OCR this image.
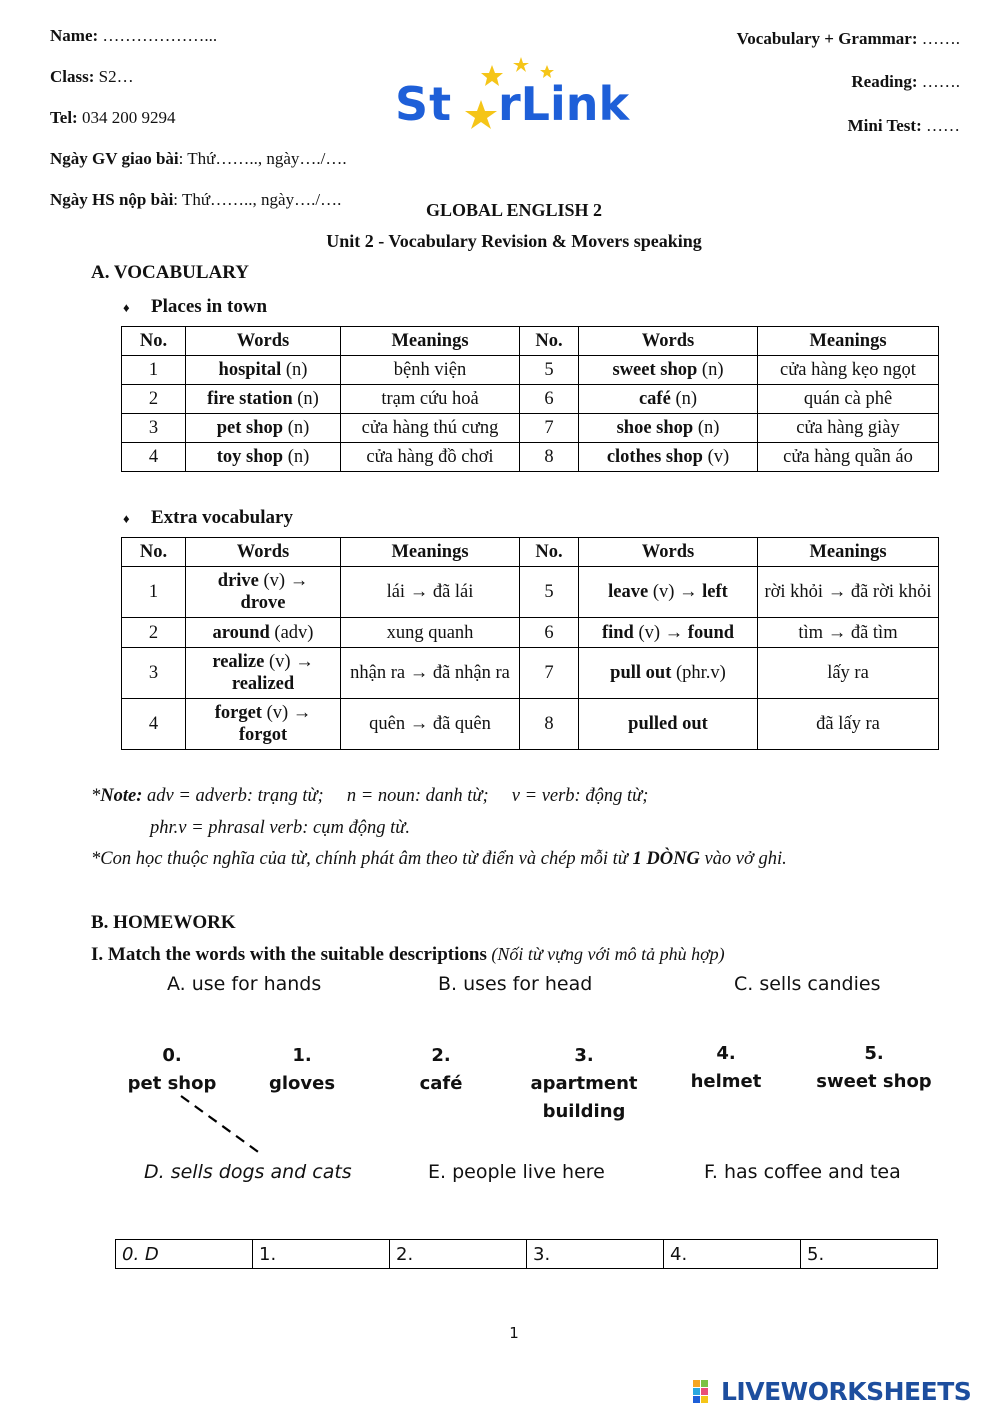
Name: ………………...
Class: S2…
Tel: 034 200 9294
Ngày GV giao bài: Thứ…….., ngày…./….
Ngày HS nộp bài: Thứ…….., ngày…./….
Vocabulary + Grammar: …….
Reading: …….
Mini Test: ……
St rLink
GLOBAL ENGLISH 2
Unit 2 - Vocabulary Revision & Movers speaking
A. VOCABULARY
♦ Places in town
No.	Words	Meanings	No.	Words	Meanings
1	hospital (n)	bệnh viện	5	sweet shop (n)	cửa hàng kẹo ngọt
2	fire station (n)	trạm cứu hoả	6	café (n)	quán cà phê
3	pet shop (n)	cửa hàng thú cưng	7	shoe shop (n)	cửa hàng giày
4	toy shop (n)	cửa hàng đồ chơi	8	clothes shop (v)	cửa hàng quần áo
♦ Extra vocabulary
No.	Words	Meanings	No.	Words	Meanings
1	drive (v) →
drove	lái → đã lái	5	leave (v) → left	rời khỏi → đã rời khỏi
2	around (adv)	xung quanh	6	find (v) → found	tìm → đã tìm
3	realize (v) →
realized	nhận ra → đã nhận ra	7	pull out (phr.v)	lấy ra
4	forget (v) →
forgot	quên → đã quên	8	pulled out	đã lấy ra
*Note: adv = adverb: trạng từ;     n = noun: danh từ;     v = verb: động từ;
phr.v = phrasal verb: cụm động từ.
*Con học thuộc nghĩa của từ, chính phát âm theo từ điển và chép mỗi từ 1 DÒNG vào vở ghi.
B. HOMEWORK
I. Match the words with the suitable descriptions (Nối từ vựng với mô tả phù hợp)
A. use for hands	B. uses for head	C. sells candies
0.
pet shop
1.
gloves
2.
café
3.
apartment building
4.
helmet
5.
sweet shop
D. sells dogs and cats	E. people live here	F. has coffee and tea
0. D	1.	2.	3.	4.	5.
1
LIVEWORKSHEETS
